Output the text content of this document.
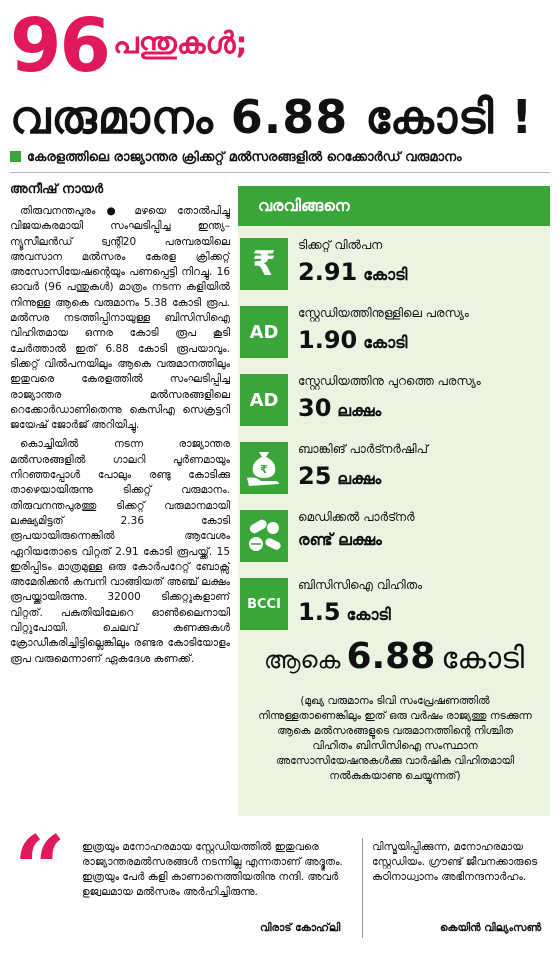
96 പന്തുകൾ;
വരുമാനം 6.88 കോടി !
കേരളത്തിലെ രാജ്യാന്തര ക്രിക്കറ്റ് മൽസരങ്ങളിൽ റെക്കോർഡ് വരുമാനം
അനീഷ് നായർ

തിരുവനന്തപുരം ● മഴയെ തോൽപിച്ചു വിജയകരമായി സംഘടിപ്പിച്ച ഇന്ത്യ–ന്യൂസീലൻഡ് ട്വന്റി20 പരമ്പരയിലെ അവസാന മൽസരം കേരള ക്രിക്കറ്റ് അസോസിയേഷന്റെയും പണപ്പെട്ടി നിറച്ചു. 16 ഓവർ (96 പന്തുകൾ) മാത്രം നടന്ന കളിയിൽ നിന്നുള്ള ആകെ വരുമാനം 5.38 കോടി രൂപ. മൽസര നടത്തിപ്പിനായുള്ള ബിസിസിഐ വിഹിതമായ ഒന്നര കോടി രൂപ കൂടി ചേർത്താൽ ഇത് 6.88 കോടി രൂപയാവും. ടിക്കറ്റ് വിൽപനയിലും ആകെ വരുമാനത്തിലും ഇതുവരെ കേരളത്തിൽ സംഘടിപ്പിച്ച രാജ്യാന്തര മൽസരങ്ങളിലെ റെക്കോർഡാണിതെന്നു കെസിഎ സെക്രട്ടറി ജയേഷ് ജോർജ് അറിയിച്ചു.

കൊച്ചിയിൽ നടന്ന രാജ്യാന്തര മൽസരങ്ങളിൽ ഗാലറി പൂർണമായും നിറഞ്ഞപ്പോൾ പോലും രണ്ടു കോടിക്കു താഴെയായിരുന്നു ടിക്കറ്റ് വരുമാനം. തിരുവനന്തപുരത്തു ടിക്കറ്റ് വരുമാനമായി ലക്ഷ്യമിട്ടത് 2.36 കോടി രൂപയായിരുന്നെങ്കിൽ ആവേശം ഏറിയതോടെ വിറ്റത് 2.91 കോടി രൂപയ്ക്ക്. 15 ഇരിപ്പിടം മാത്രമുള്ള ഒരു കോർപറേറ്റ് ബോക്സ് അമേരിക്കൻ കമ്പനി വാങ്ങിയത് അഞ്ച് ലക്ഷം രൂപയ്ക്കായിരുന്നു. 32000 ടിക്കറ്റുകളാണ് വിറ്റത്. പകുതിയിലേറെ ഓൺലൈനായി വിറ്റുപോയി. ചെലവ് കണക്കുകൾ ക്രോഡീകരിച്ചിട്ടില്ലെങ്കിലും രണ്ടര കോടിയോളം രൂപ വരുമെന്നാണ് ഏകദേശ കണക്ക്.

വരവിങ്ങനെ
₹	ടിക്കറ്റ് വിൽപന
2.91 കോടി
AD
സ്റ്റേഡിയത്തിനുള്ളിലെ പരസ്യം
1.90 കോടി
AD
സ്റ്റേഡിയത്തിനു പുറത്തെ പരസ്യം
30 ലക്ഷം
₹
ബാങ്കിങ് പാർട്നർഷിപ്
25 ലക്ഷം
മെഡിക്കൽ പാർട്നർ
രണ്ട് ലക്ഷം
BCCI
ബിസിസിഐ വിഹിതം
1.5 കോടി
ആകെ 6.88 കോടി
(മുഖ്യ വരുമാനം ടിവി സംപ്രേഷണത്തിൽ നിന്നുള്ളതാണെങ്കിലും ഇത് ഒരു വർഷം രാജ്യത്തു നടക്കുന്ന ആകെ മൽസരങ്ങളുടെ വരുമാനത്തിന്റെ നിശ്ചിത വിഹിതം ബിസിസിഐ സംസ്ഥാന അസോസിയേഷനുകൾക്കു വാർഷിക വിഹിതമായി നൽകുകയാണു ചെയ്യുന്നത്)
“ ഇത്രയും മനോഹരമായ സ്റ്റേഡിയത്തിൽ ഇതുവരെ രാജ്യാന്തരമൽസരങ്ങൾ നടന്നില്ല എന്നതാണ് അദ്ഭുതം. ഇത്രയും പേർ കളി കാണാനെത്തിയതിനു നന്ദി. അവർ ഉജ്വലമായ മൽസരം അർഹിച്ചിരുന്നു.
വിരാട് കോഹ്‌ലി
വിസ്മയിപ്പിക്കുന്ന, മനോഹരമായ സ്റ്റേഡിയം. ഗ്രൗണ്ട് ജീവനക്കാരുടെ കഠിനാധ്വാനം അഭിനന്ദനാർഹം.
കെയിൻ വില്യംസൺ
